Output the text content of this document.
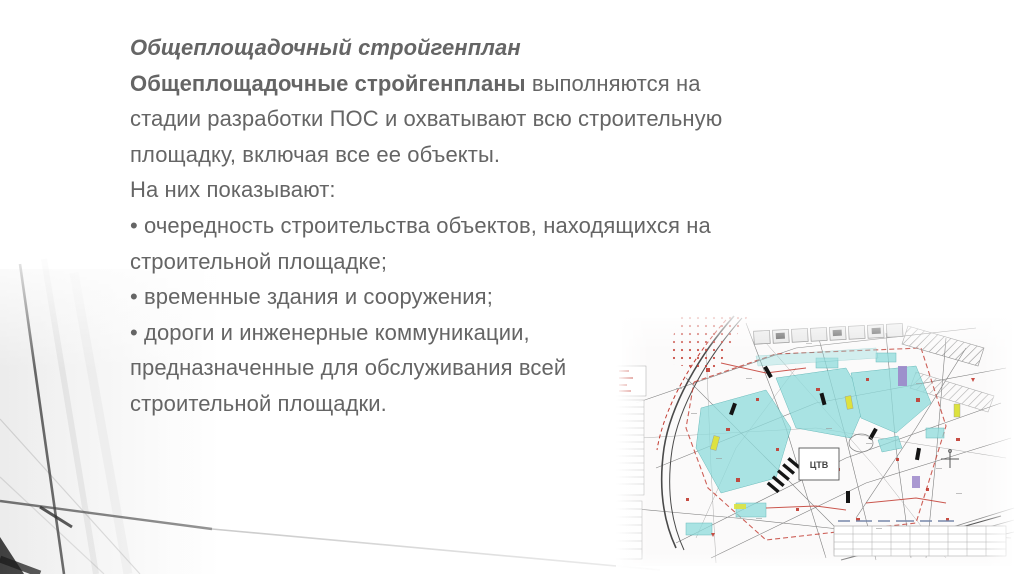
ЦТВ
Общеплощадочный стройгенплан
Общеплощадочные стройгенпланы выполняются на
стадии разработки ПОС и охватывают всю строительную
площадку, включая все ее объекты.
На них показывают:
• очередность строительства объектов, находящихся на
строительной площадке;
• временные здания и сооружения;
• дороги и инженерные коммуникации,
предназначенные для обслуживания всей
строительной площадки.
